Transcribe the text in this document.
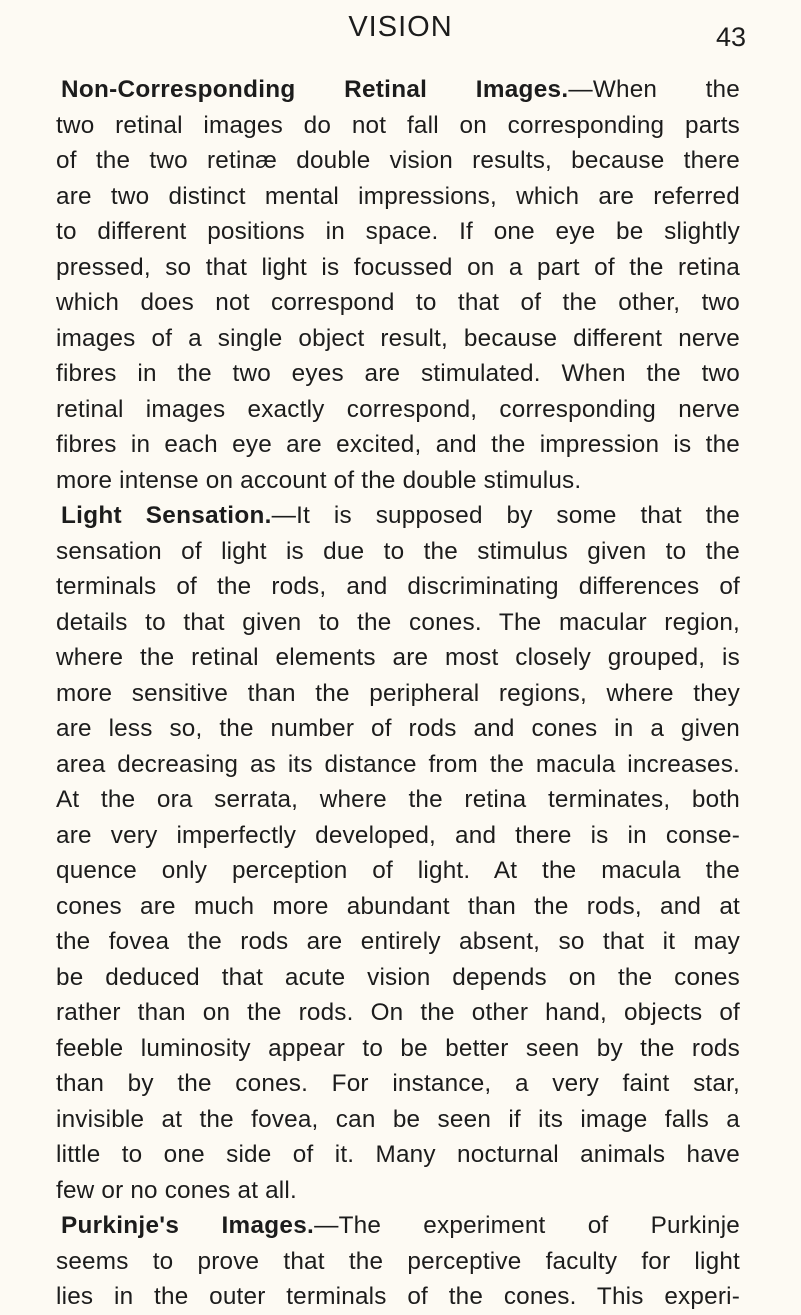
VISION	43

Non-Corresponding Retinal Images.—When the
two retinal images do not fall on corresponding parts
of the two retinæ double vision results, because there
are two distinct mental impressions, which are referred
to different positions in space. If one eye be slightly
pressed, so that light is focussed on a part of the retina
which does not correspond to that of the other, two
images of a single object result, because different nerve
fibres in the two eyes are stimulated. When the two
retinal images exactly correspond, corresponding nerve
fibres in each eye are excited, and the impression is the
more intense on account of the double stimulus.

Light Sensation.—It is supposed by some that the
sensation of light is due to the stimulus given to the
terminals of the rods, and discriminating differences of
details to that given to the cones. The macular region,
where the retinal elements are most closely grouped, is
more sensitive than the peripheral regions, where they
are less so, the number of rods and cones in a given
area decreasing as its distance from the macula increases.
At the ora serrata, where the retina terminates, both
are very imperfectly developed, and there is in conse-
quence only perception of light. At the macula the
cones are much more abundant than the rods, and at
the fovea the rods are entirely absent, so that it may
be deduced that acute vision depends on the cones
rather than on the rods. On the other hand, objects of
feeble luminosity appear to be better seen by the rods
than by the cones. For instance, a very faint star,
invisible at the fovea, can be seen if its image falls a
little to one side of it. Many nocturnal animals have
few or no cones at all.

Purkinje's Images.—The experiment of Purkinje
seems to prove that the perceptive faculty for light
lies in the outer terminals of the cones. This experi-
